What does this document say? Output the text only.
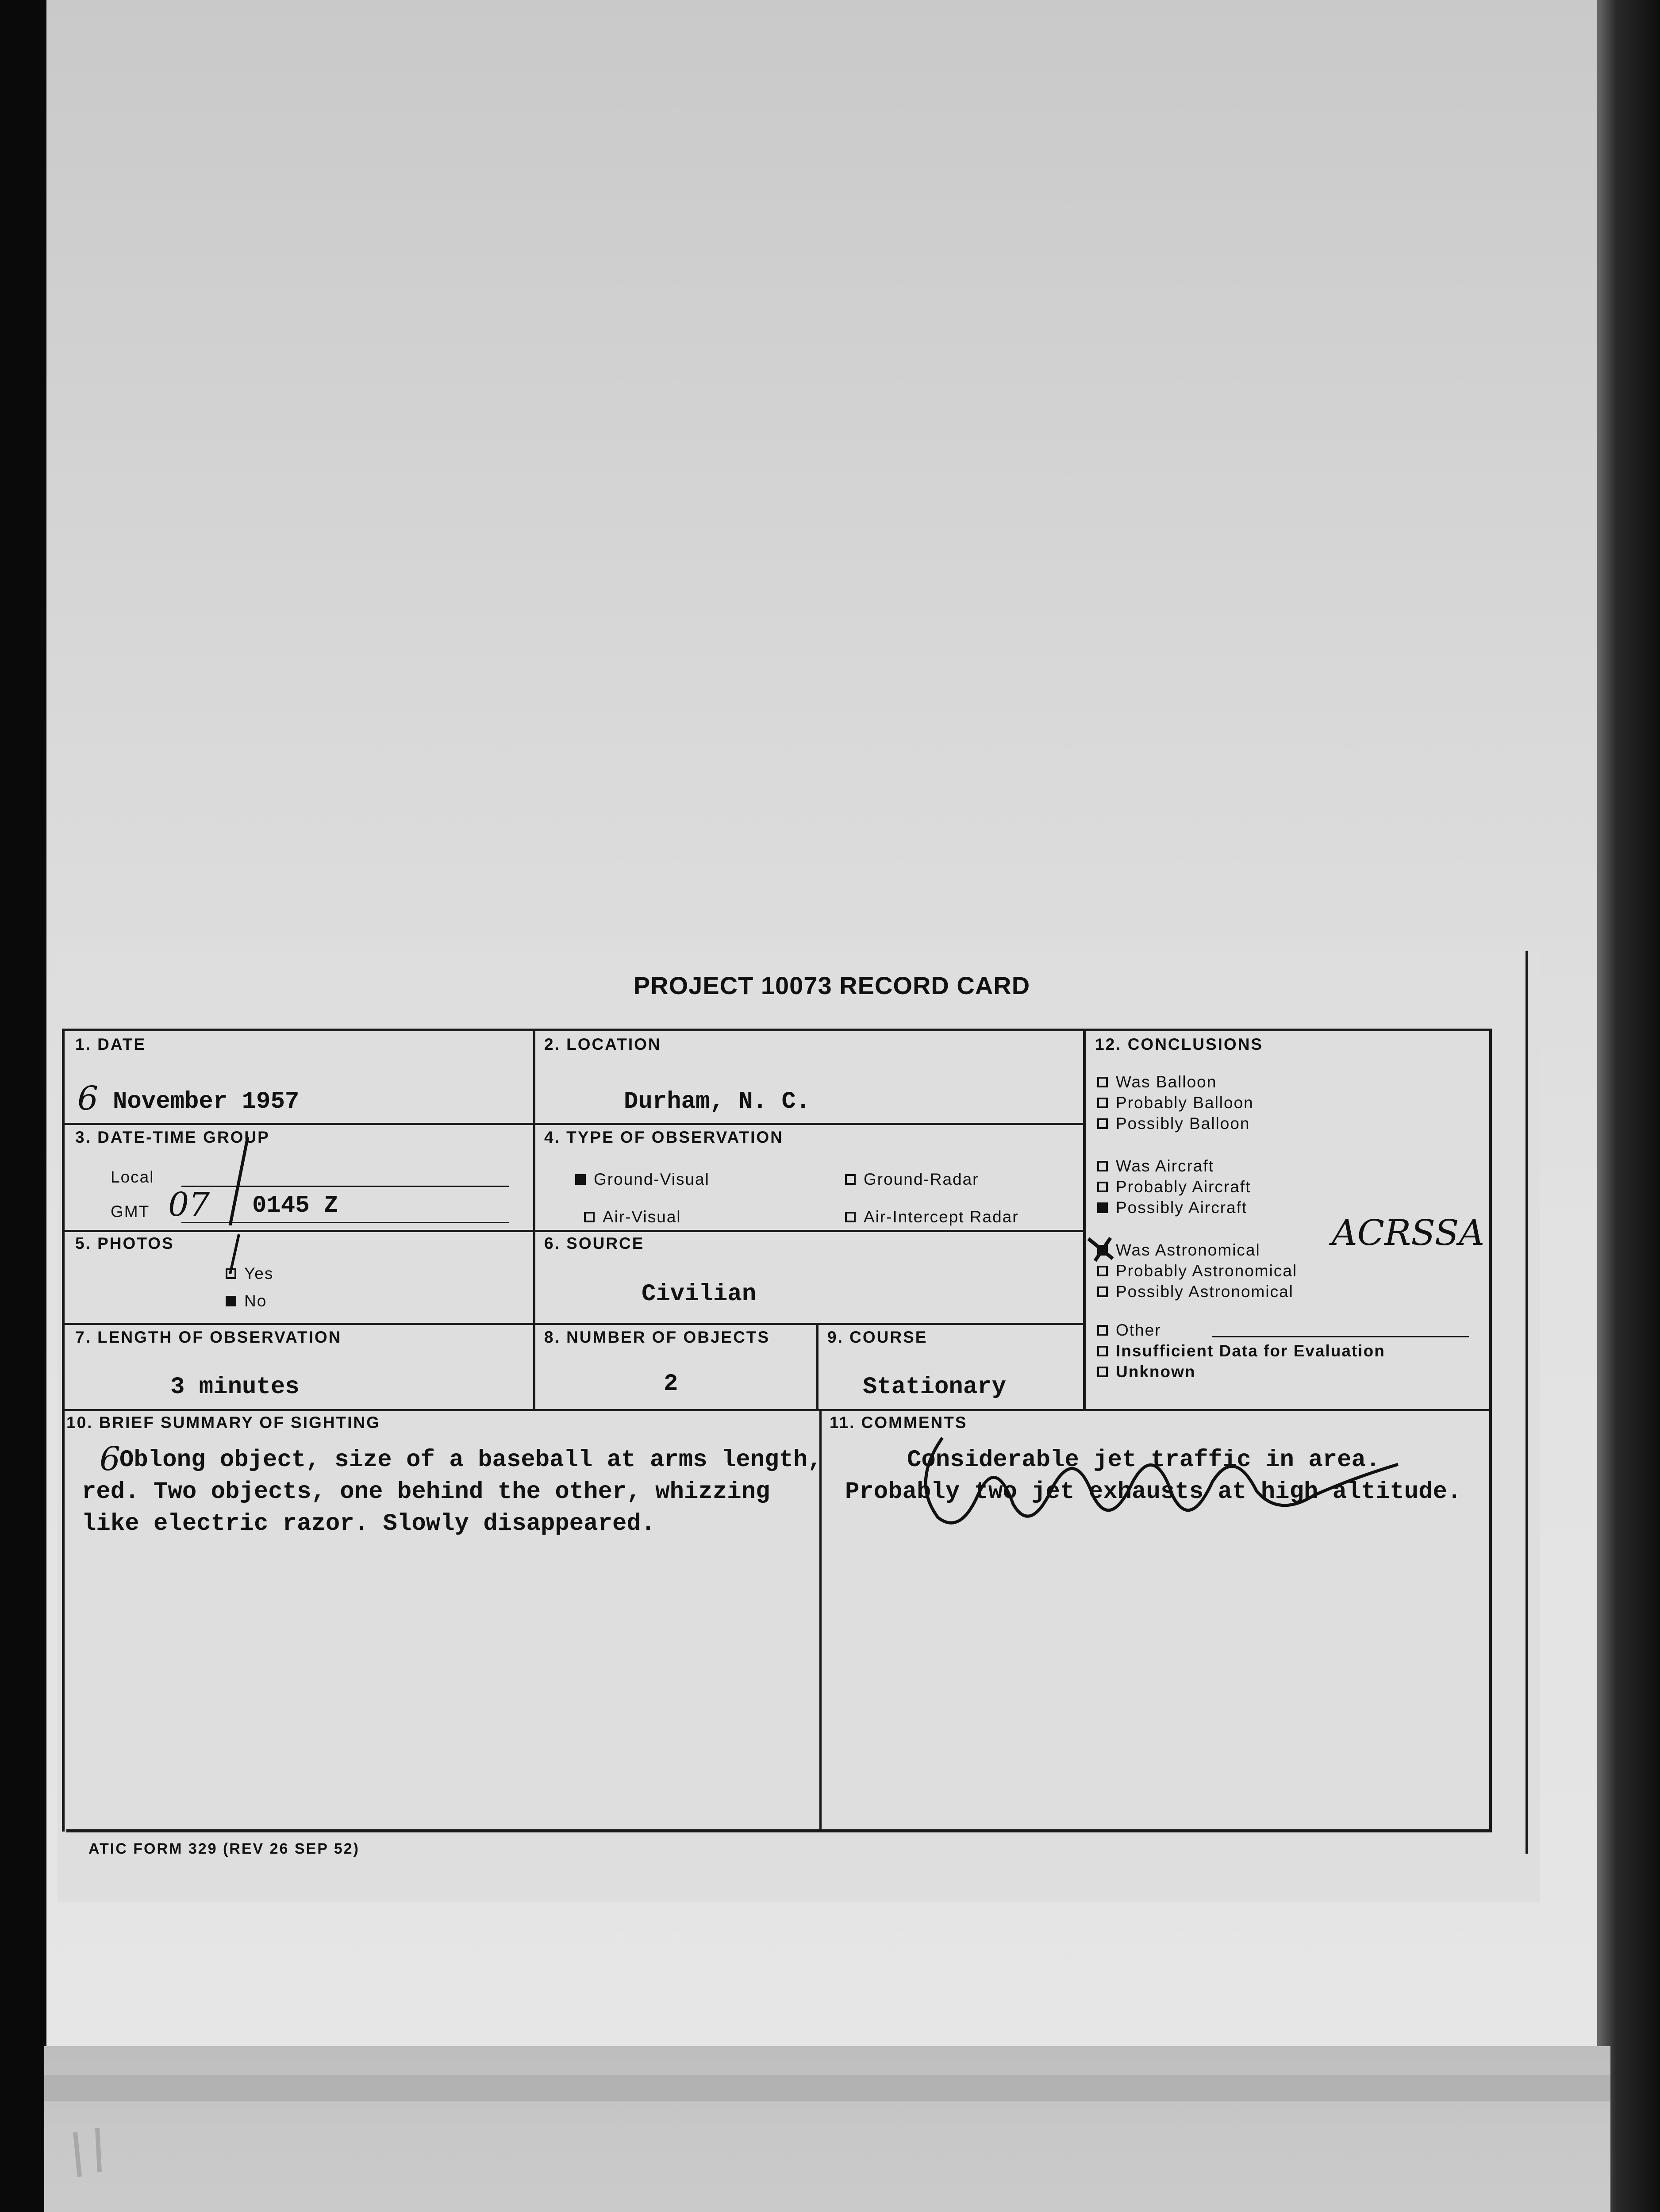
PROJECT 10073 RECORD CARD
1. DATE
6 November 1957
2. LOCATION
Durham, N. C.
3. DATE-TIME GROUP
Local
GMT 07 0145 Z
4. TYPE OF OBSERVATION
Ground-Visual	Ground-Radar
Air-Visual	Air-Intercept Radar
5. PHOTOS
Yes
No
6. SOURCE
Civilian
7. LENGTH OF OBSERVATION
3 minutes
8. NUMBER OF OBJECTS
2
9. COURSE
Stationary
10. BRIEF SUMMARY OF SIGHTING
6
Oblong object, size of a baseball at arms length, red. Two objects, one behind the other, whizzing like electric razor. Slowly disappeared.
11. COMMENTS
Considerable jet traffic in area. Probably two jet exhausts at high altitude.
12. CONCLUSIONS
Was Balloon
Probably Balloon
Possibly Balloon
Was Aircraft
Probably Aircraft
Possibly Aircraft
Was Astronomical
Probably Astronomical
Possibly Astronomical
Other
Insufficient Data for Evaluation
Unknown
ACRSSA
ATIC FORM 329 (REV 26 SEP 52)
